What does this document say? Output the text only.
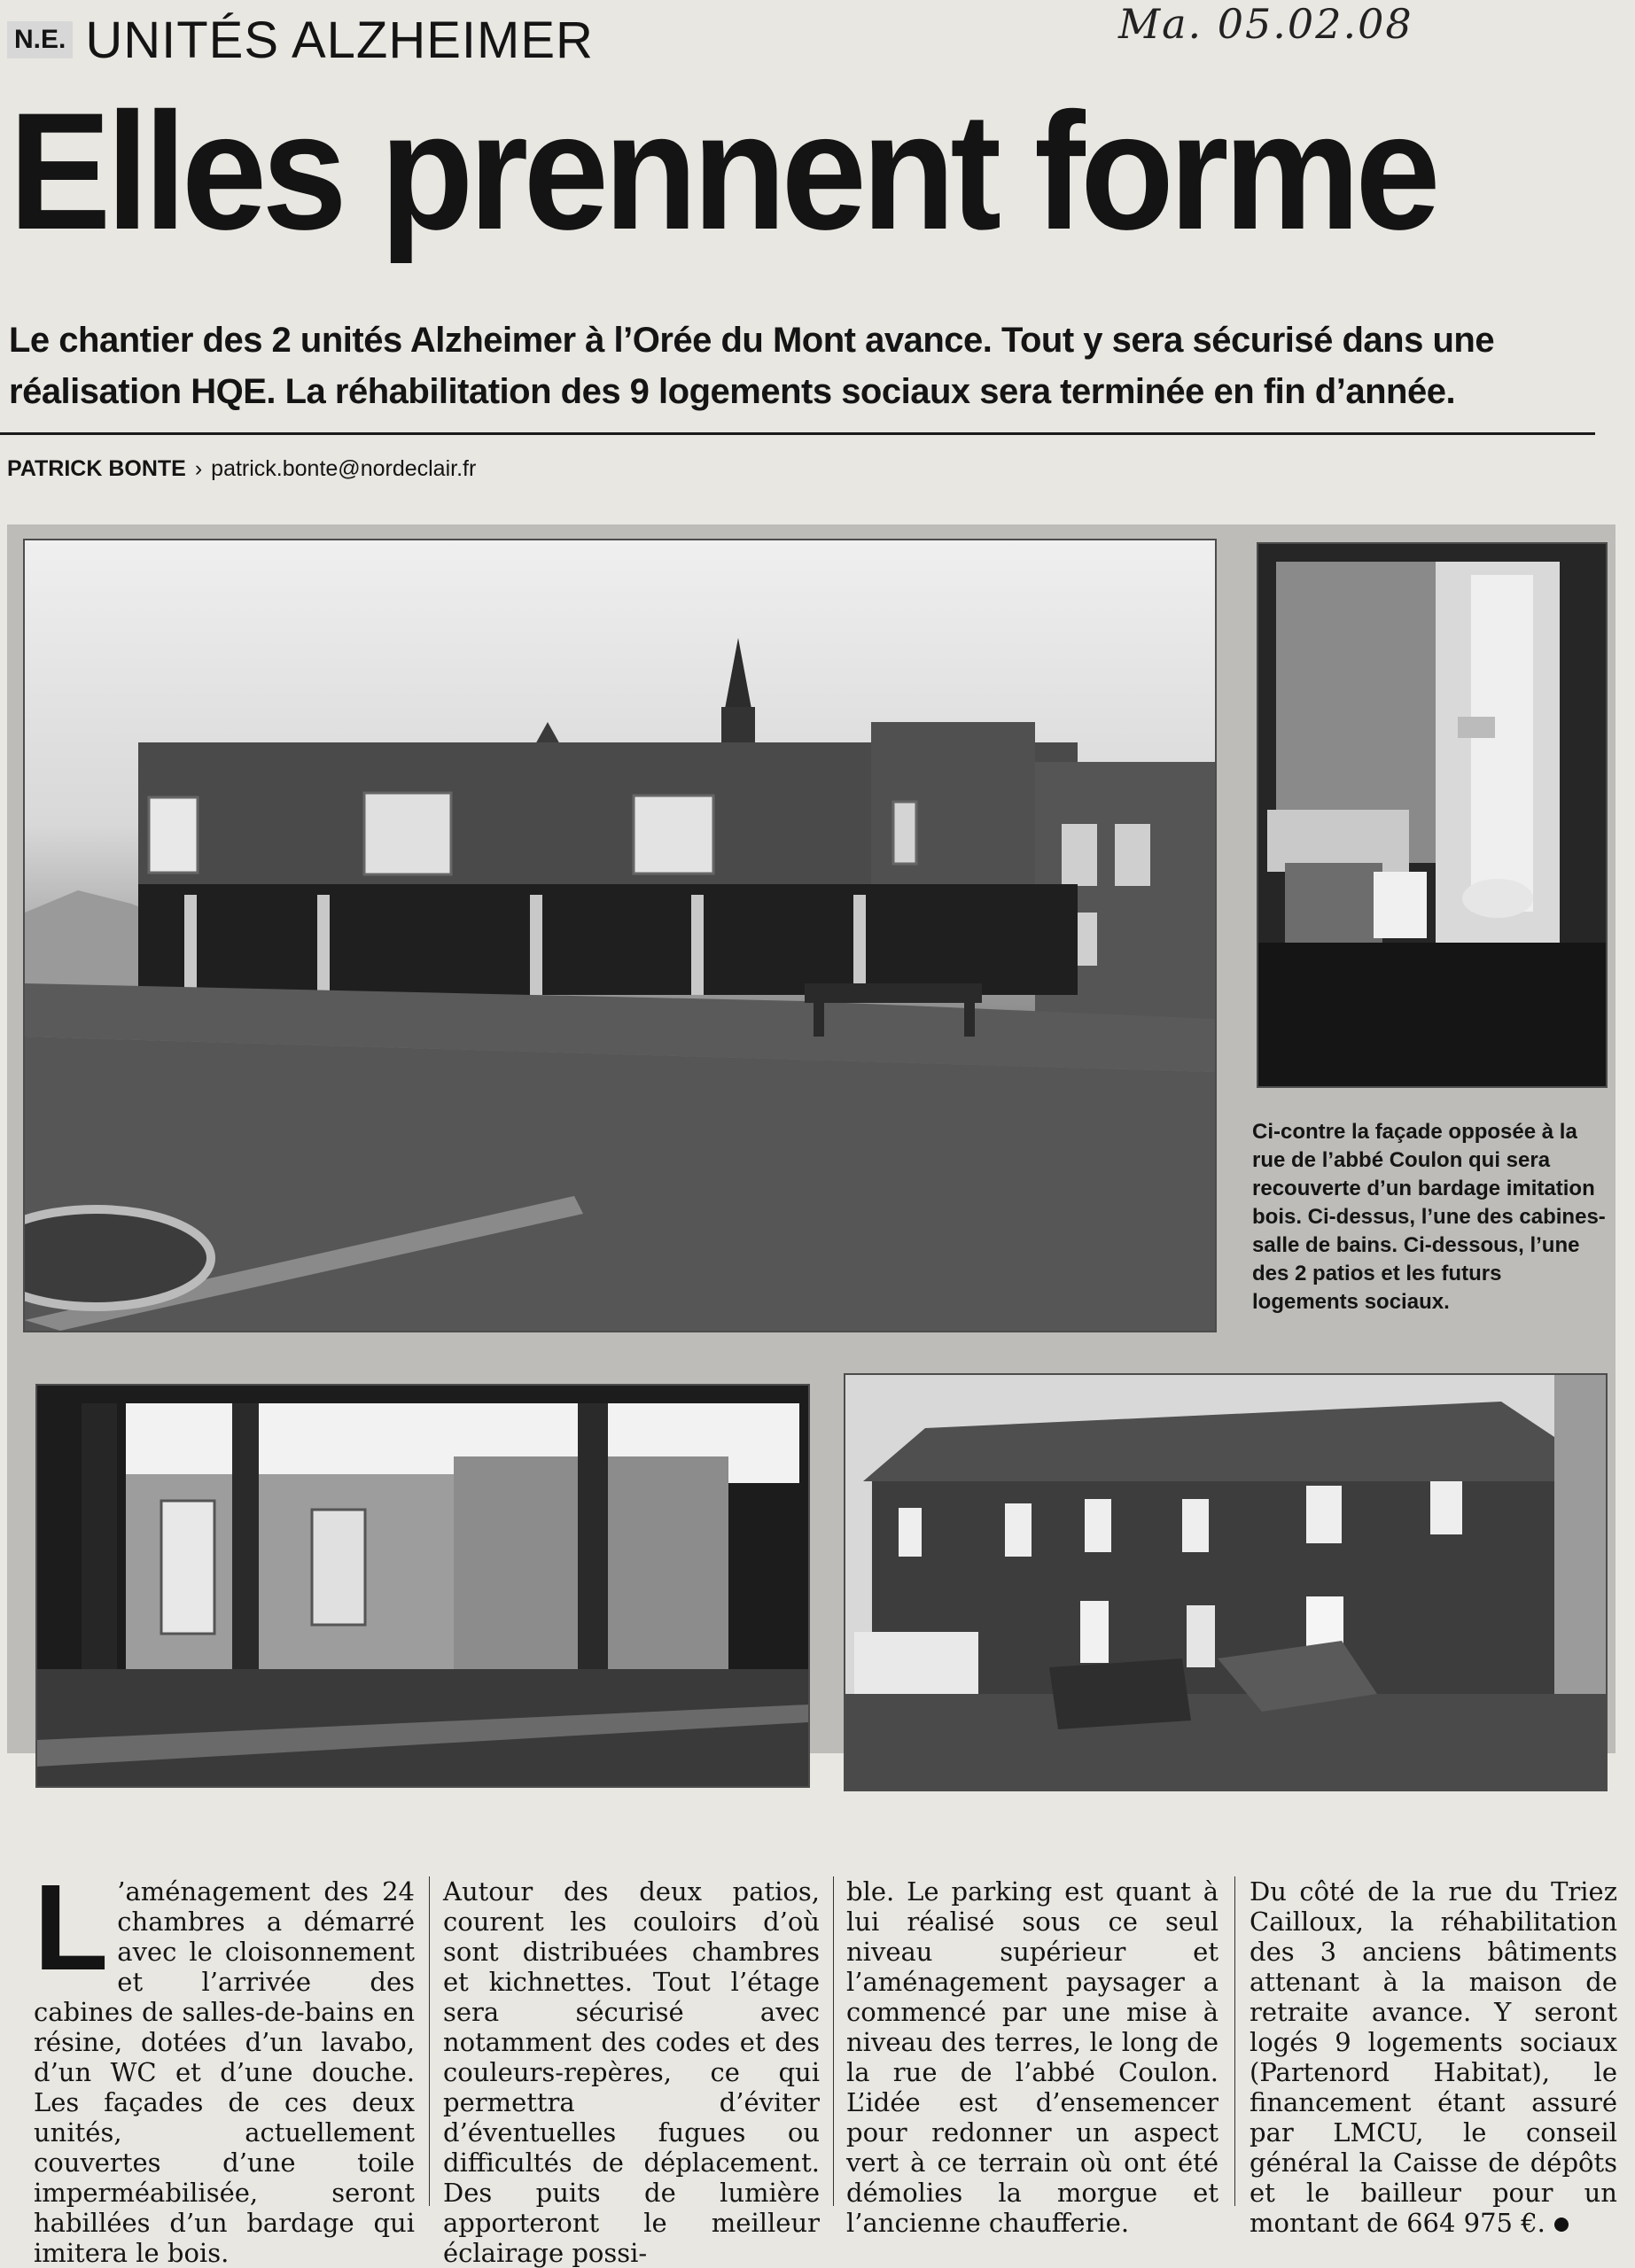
N.E. UNITÉS ALZHEIMER	Ma. 05.02.08
Elles prennent forme
Le chantier des 2 unités Alzheimer à l’Orée du Mont avance. Tout y sera sécurisé dans une réalisation HQE. La réhabilitation des 9 logements sociaux sera terminée en fin d’année.
PATRICK BONTE › patrick.bonte@nordeclair.fr
Ci-contre la façade opposée à la rue de l’abbé Coulon qui sera recouverte d’un bardage imitation bois. Ci-dessus, l’une des cabines-salle de bains. Ci-dessous, l’une des 2 patios et les futurs logements sociaux.
L ’aménagement des 24 chambres a démarré avec le cloisonnement et l’arrivée des cabines de salles-de-bains en résine, dotées d’un lavabo, d’un WC et d’une douche. Les façades de ces deux unités, actuellement couvertes d’une toile imperméabilisée, seront habillées d’un bardage qui imitera le bois.
Autour des deux patios, courent les couloirs d’où sont distribuées chambres et kichnettes. Tout l’étage sera sécurisé avec notamment des codes et des couleurs-repères, ce qui permettra d’éviter d’éventuelles fugues ou difficultés de déplacement. Des puits de lumière apporteront le meilleur éclairage possi-
ble. Le parking est quant à lui réalisé sous ce seul niveau supérieur et l’aménagement paysager a commencé par une mise à niveau des terres, le long de la rue de l’abbé Coulon. L’idée est d’ensemencer pour redonner un aspect vert à ce terrain où ont été démolies la morgue et l’ancienne chaufferie.
Du côté de la rue du Triez Cailloux, la réhabilitation des 3 anciens bâtiments attenant à la maison de retraite avance. Y seront logés 9 logements sociaux (Partenord Habitat), le financement étant assuré par LMCU, le conseil général la Caisse de dépôts et le bailleur pour un montant de 664 975 €.
